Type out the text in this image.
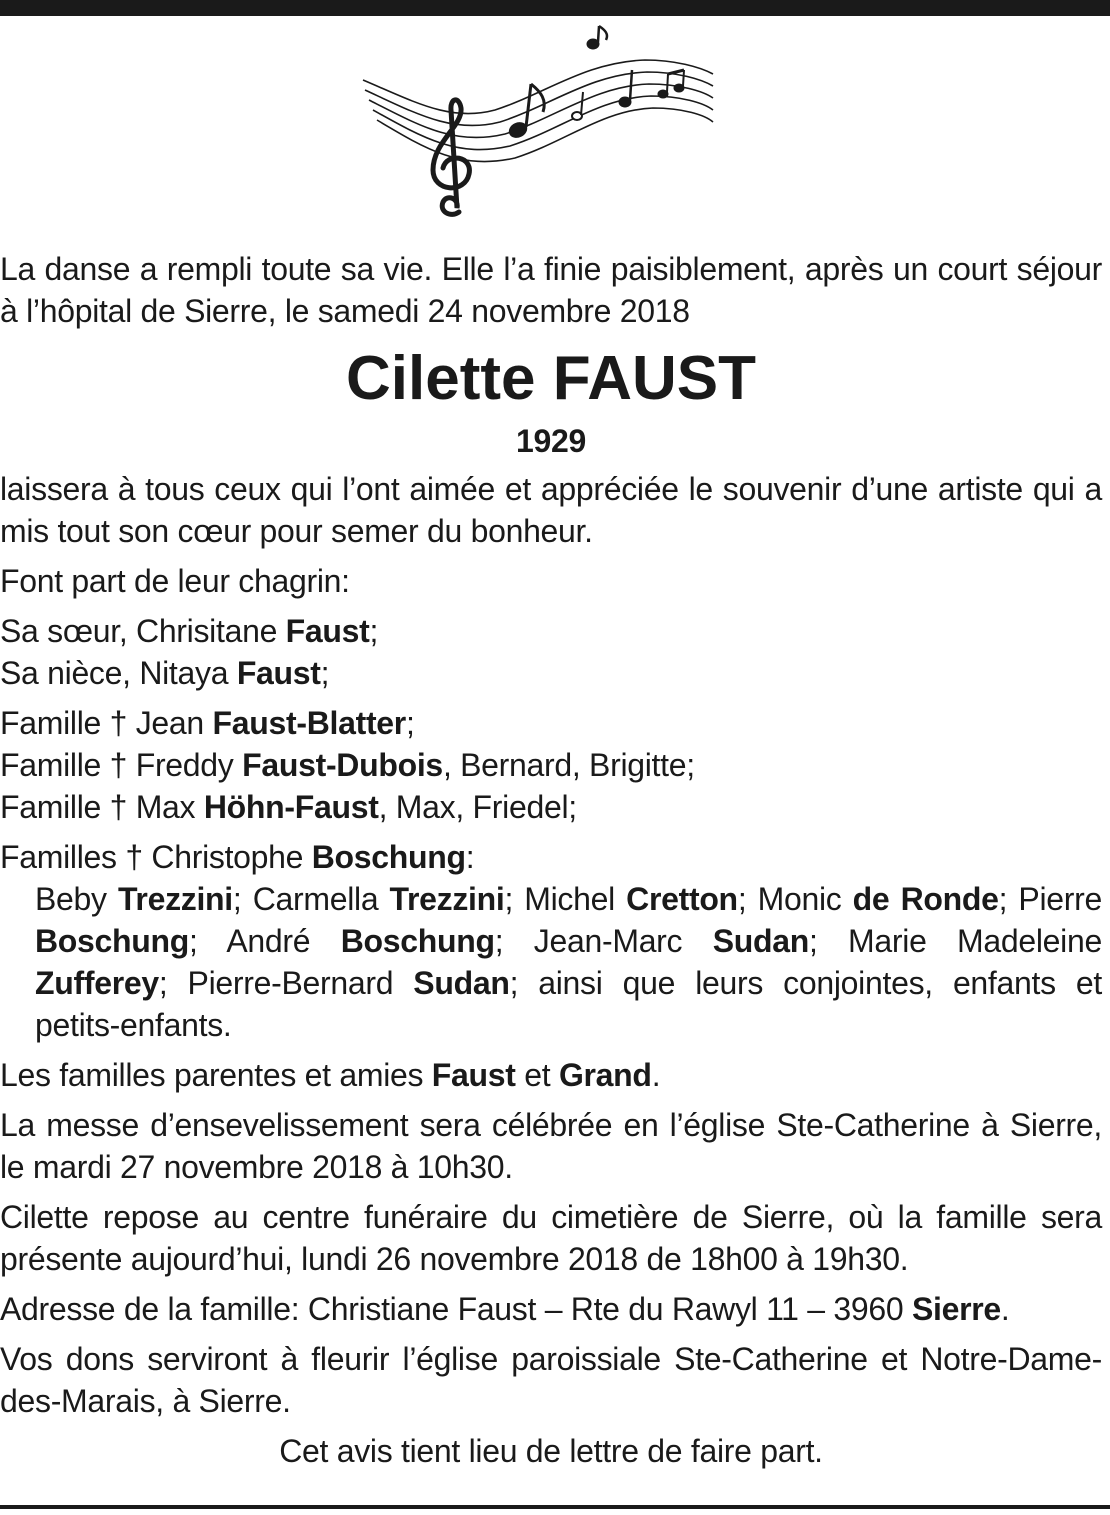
La danse a rempli toute sa vie. Elle l’a finie paisiblement, après un court séjour à l’hôpital de Sierre, le samedi 24 novembre 2018

Cilette FAUST

1929

laissera à tous ceux qui l’ont aimée et appréciée le souvenir d’une artiste qui a mis tout son cœur pour semer du bonheur.

Font part de leur chagrin:

Sa sœur, Chrisitane Faust;

Sa nièce, Nitaya Faust;

Famille † Jean Faust-Blatter;

Famille † Freddy Faust-Dubois, Bernard, Brigitte;

Famille † Max Höhn-Faust, Max, Friedel;

Familles † Christophe Boschung:

Beby Trezzini; Carmella Trezzini; Michel Cretton; Monic de Ronde; Pierre Boschung; André Boschung; Jean-Marc Sudan; Marie Madeleine Zufferey; Pierre-Bernard Sudan; ainsi que leurs conjointes, enfants et petits-enfants.

Les familles parentes et amies Faust et Grand.

La messe d’ensevelissement sera célébrée en l’église Ste-Catherine à Sierre, le mardi 27 novembre 2018 à 10h30.

Cilette repose au centre funéraire du cimetière de Sierre, où la famille sera présente aujourd’hui, lundi 26 novembre 2018 de 18h00 à 19h30.

Adresse de la famille: Christiane Faust – Rte du Rawyl 11 – 3960 Sierre.

Vos dons serviront à fleurir l’église paroissiale Ste-Catherine et Notre-Dame-des-Marais, à Sierre.

Cet avis tient lieu de lettre de faire part.
